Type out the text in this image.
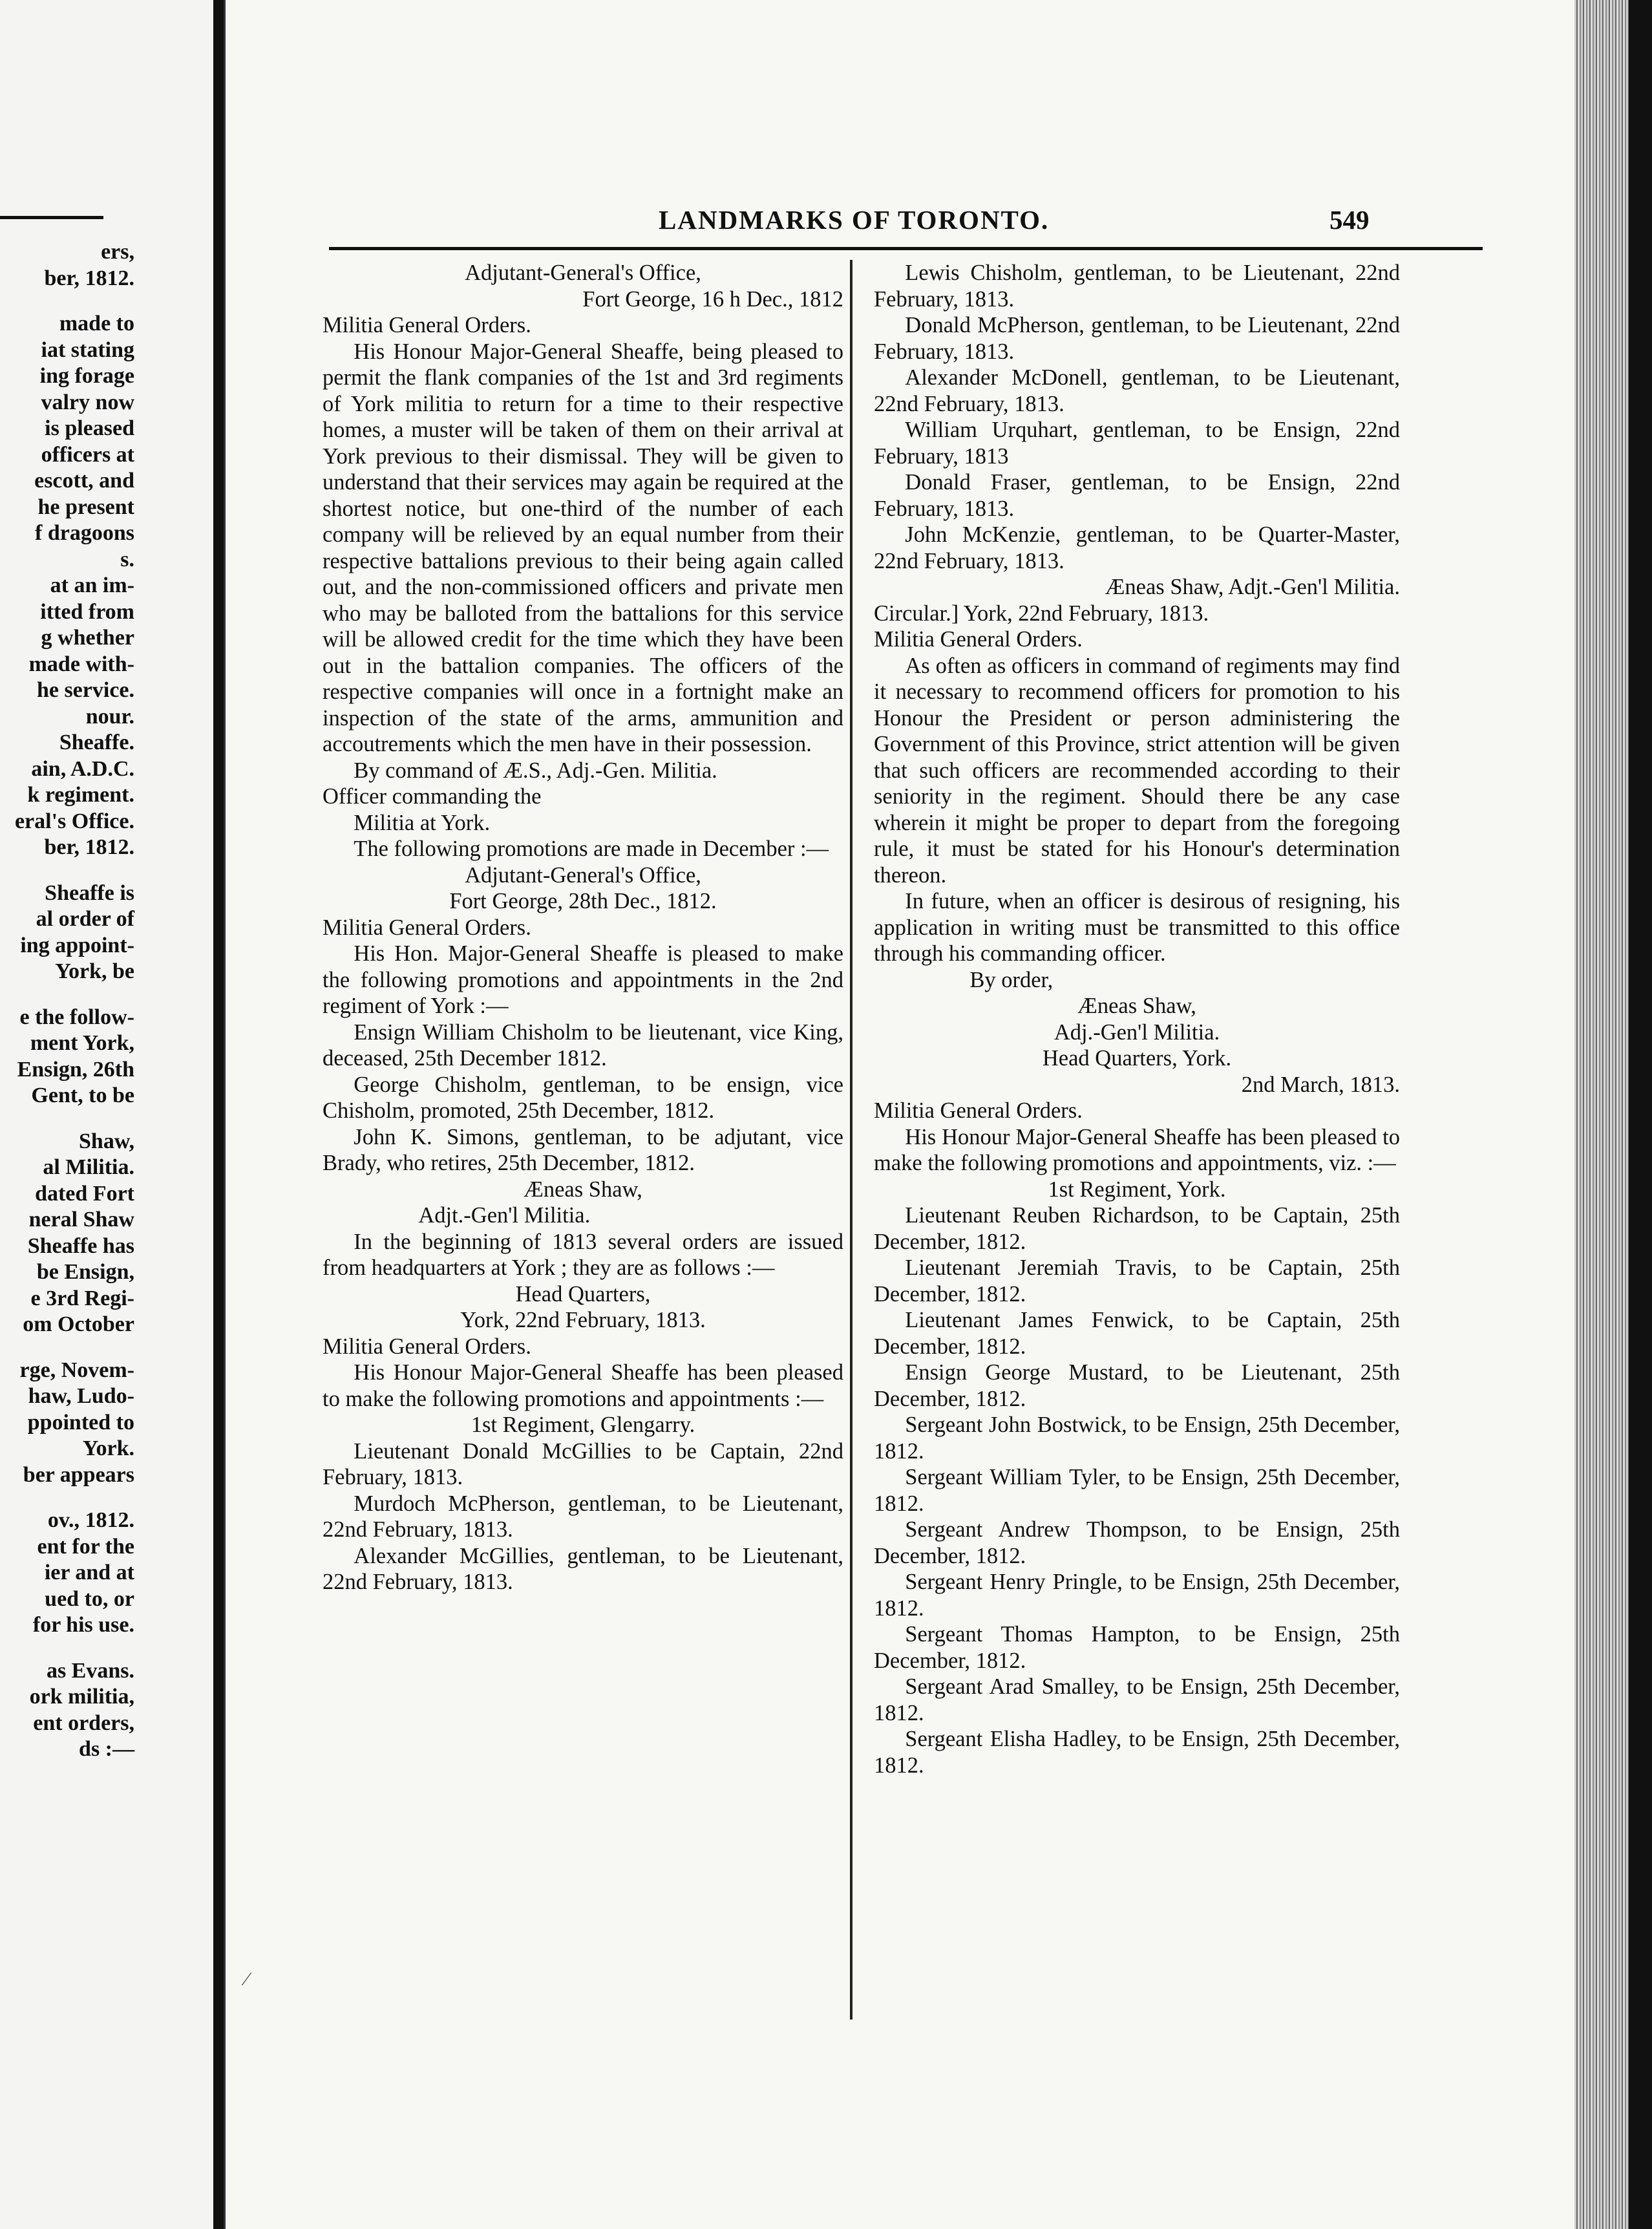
ers,
ber, 1812.
made to
iat stating
ing forage
valry now
is pleased
officers at
escott, and
he present
f dragoons
s.
at an im-
itted from
g whether
made with-
he service.
nour.
Sheaffe.
ain, A.D.C.
k regiment.
eral's Office.
ber, 1812.
Sheaffe is
al order of
ing appoint-
York, be
e the follow-
ment York,
Ensign, 26th
Gent, to be
Shaw,
al Militia.
dated Fort
neral Shaw
Sheaffe has
be Ensign,
e 3rd Regi-
om October
rge, Novem-
haw, Ludo-
ppointed to
York.
ber appears
ov., 1812.
ent for the
ier and at
ued to, or
for his use.
as Evans.
ork militia,
ent orders,
ds :—
LANDMARKS OF TORONTO.	549

Adjutant-General's Office,

Fort George, 16 h Dec., 1812

Militia General Orders.

His Honour Major-General Sheaffe, being pleased to permit the flank companies of the 1st and 3rd regiments of York militia to return for a time to their respective homes, a muster will be taken of them on their arrival at York previous to their dismissal. They will be given to understand that their services may again be required at the shortest notice, but one-third of the number of each company will be relieved by an equal number from their respective battalions previous to their being again called out, and the non-commissioned officers and private men who may be balloted from the battalions for this service will be allowed credit for the time which they have been out in the battalion companies. The officers of the respective companies will once in a fortnight make an inspection of the state of the arms, ammunition and accoutrements which the men have in their possession.

By command of Æ.S., Adj.-Gen. Militia.

Officer commanding the

Militia at York.

The following promotions are made in December :—

Adjutant-General's Office,

Fort George, 28th Dec., 1812.

Militia General Orders.

His Hon. Major-General Sheaffe is pleased to make the following promotions and appointments in the 2nd regiment of York :—

Ensign William Chisholm to be lieutenant, vice King, deceased, 25th December 1812.

George Chisholm, gentleman, to be ensign, vice Chisholm, promoted, 25th December, 1812.

John K. Simons, gentleman, to be adjutant, vice Brady, who retires, 25th December, 1812.

Æneas Shaw,

Adjt.-Gen'l Militia.

In the beginning of 1813 several orders are issued from headquarters at York ; they are as follows :—

Head Quarters,

York, 22nd February, 1813.

Militia General Orders.

His Honour Major-General Sheaffe has been pleased to make the following promotions and appointments :—

1st Regiment, Glengarry.

Lieutenant Donald McGillies to be Captain, 22nd February, 1813.

Murdoch McPherson, gentleman, to be Lieutenant, 22nd February, 1813.

Alexander McGillies, gentleman, to be Lieutenant, 22nd February, 1813.

Lewis Chisholm, gentleman, to be Lieutenant, 22nd February, 1813.

Donald McPherson, gentleman, to be Lieutenant, 22nd February, 1813.

Alexander McDonell, gentleman, to be Lieutenant, 22nd February, 1813.

William Urquhart, gentleman, to be Ensign, 22nd February, 1813

Donald Fraser, gentleman, to be Ensign, 22nd February, 1813.

John McKenzie, gentleman, to be Quarter-Master, 22nd February, 1813.

Æneas Shaw, Adjt.-Gen'l Militia.

Circular.] York, 22nd February, 1813.

Militia General Orders.

As often as officers in command of regiments may find it necessary to recommend officers for promotion to his Honour the President or person administering the Government of this Province, strict attention will be given that such officers are recommended according to their seniority in the regiment. Should there be any case wherein it might be proper to depart from the foregoing rule, it must be stated for his Honour's determination thereon.

In future, when an officer is desirous of resigning, his application in writing must be transmitted to this office through his commanding officer.

By order,

Æneas Shaw,

Adj.-Gen'l Militia.

Head Quarters, York.

2nd March, 1813.

Militia General Orders.

His Honour Major-General Sheaffe has been pleased to make the following promotions and appointments, viz. :—

1st Regiment, York.

Lieutenant Reuben Richardson, to be Captain, 25th December, 1812.

Lieutenant Jeremiah Travis, to be Captain, 25th December, 1812.

Lieutenant James Fenwick, to be Captain, 25th December, 1812.

Ensign George Mustard, to be Lieutenant, 25th December, 1812.

Sergeant John Bostwick, to be Ensign, 25th December, 1812.

Sergeant William Tyler, to be Ensign, 25th December, 1812.

Sergeant Andrew Thompson, to be Ensign, 25th December, 1812.

Sergeant Henry Pringle, to be Ensign, 25th December, 1812.

Sergeant Thomas Hampton, to be Ensign, 25th December, 1812.

Sergeant Arad Smalley, to be Ensign, 25th December, 1812.

Sergeant Elisha Hadley, to be Ensign, 25th December, 1812.

⁄
